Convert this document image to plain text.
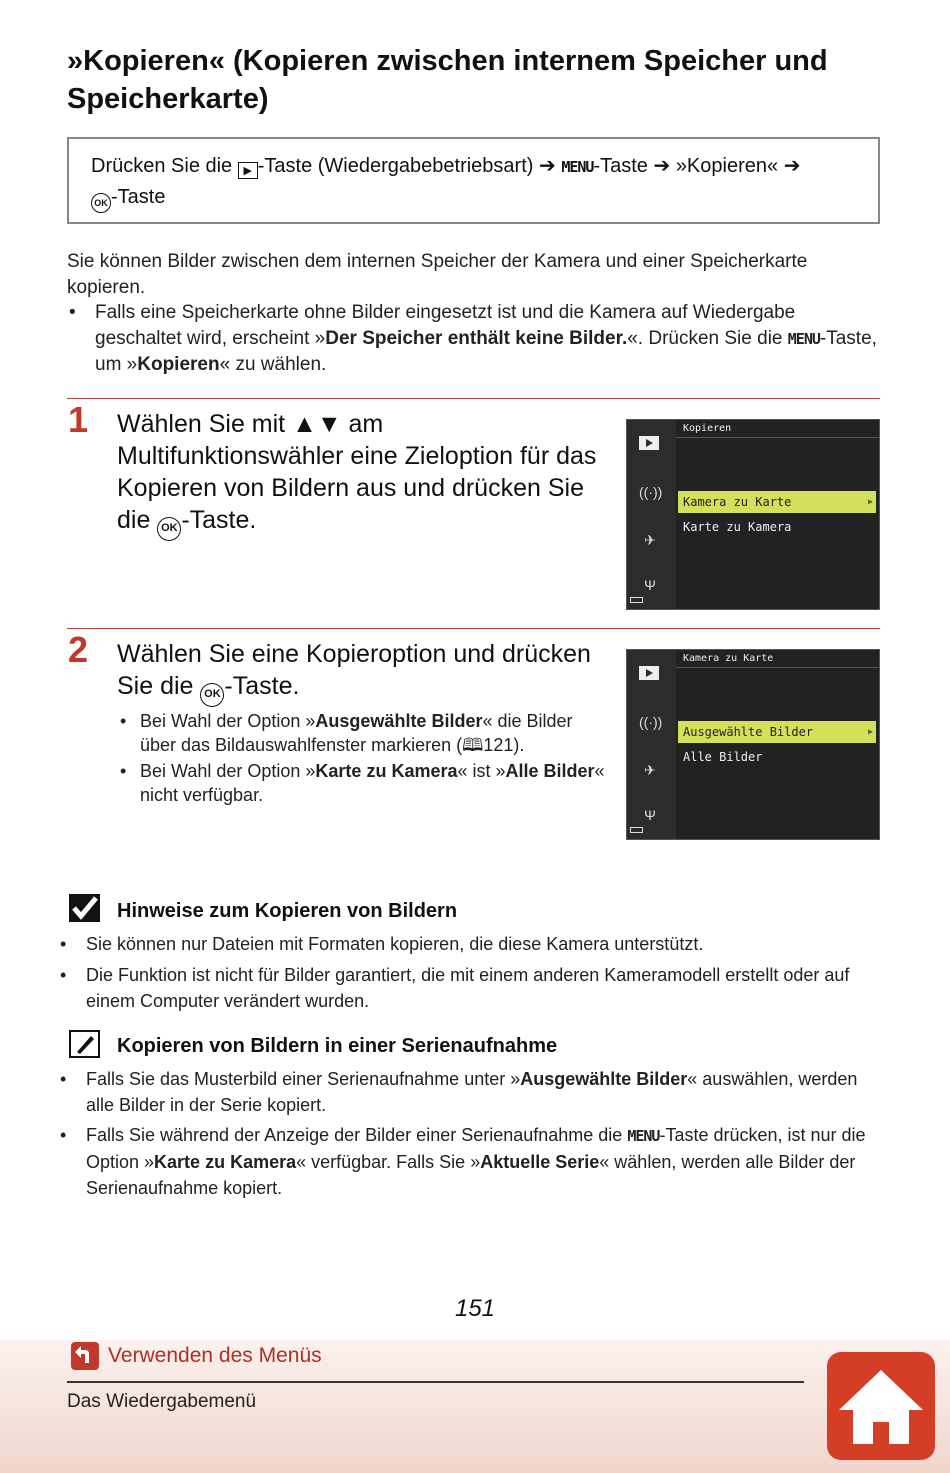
»Kopieren« (Kopieren zwischen internem Speicher und Speicherkarte)
Drücken Sie die ▶ -Taste (Wiedergabebetriebsart) ➔ MENU-Taste ➔ »Kopieren« ➔
OK -Taste
Sie können Bilder zwischen dem internen Speicher der Kamera und einer Speicherkarte kopieren.
• Falls eine Speicherkarte ohne Bilder eingesetzt ist und die Kamera auf Wiedergabe geschaltet wird, erscheint »Der Speicher enthält keine Bilder.«. Drücken Sie die MENU-Taste, um »Kopieren« zu wählen.
1 Wählen Sie mit ▲▼ am Multifunktionswähler eine Zieloption für das Kopieren von Bildern aus und drücken Sie die OK -Taste.
((·))
✈
Ψ
Kopieren
Kamera zu Karte	▶
Karte zu Kamera
2 Wählen Sie eine Kopieroption und drücken Sie die OK -Taste.
• Bei Wahl der Option »Ausgewählte Bilder« die Bilder über das Bildauswahlfenster markieren (🕮121).
• Bei Wahl der Option »Karte zu Kamera« ist »Alle Bilder« nicht verfügbar.
((·))
✈
Ψ
Kamera zu Karte
Ausgewählte Bilder	▶
Alle Bilder
Hinweise zum Kopieren von Bildern
• Sie können nur Dateien mit Formaten kopieren, die diese Kamera unterstützt.
• Die Funktion ist nicht für Bilder garantiert, die mit einem anderen Kameramodell erstellt oder auf einem Computer verändert wurden.
Kopieren von Bildern in einer Serienaufnahme
• Falls Sie das Musterbild einer Serienaufnahme unter »Ausgewählte Bilder« auswählen, werden alle Bilder in der Serie kopiert.
• Falls Sie während der Anzeige der Bilder einer Serienaufnahme die MENU-Taste drücken, ist nur die Option »Karte zu Kamera« verfügbar. Falls Sie »Aktuelle Serie« wählen, werden alle Bilder der Serienaufnahme kopiert.
151
Verwenden des Menüs
Das Wiedergabemenü
